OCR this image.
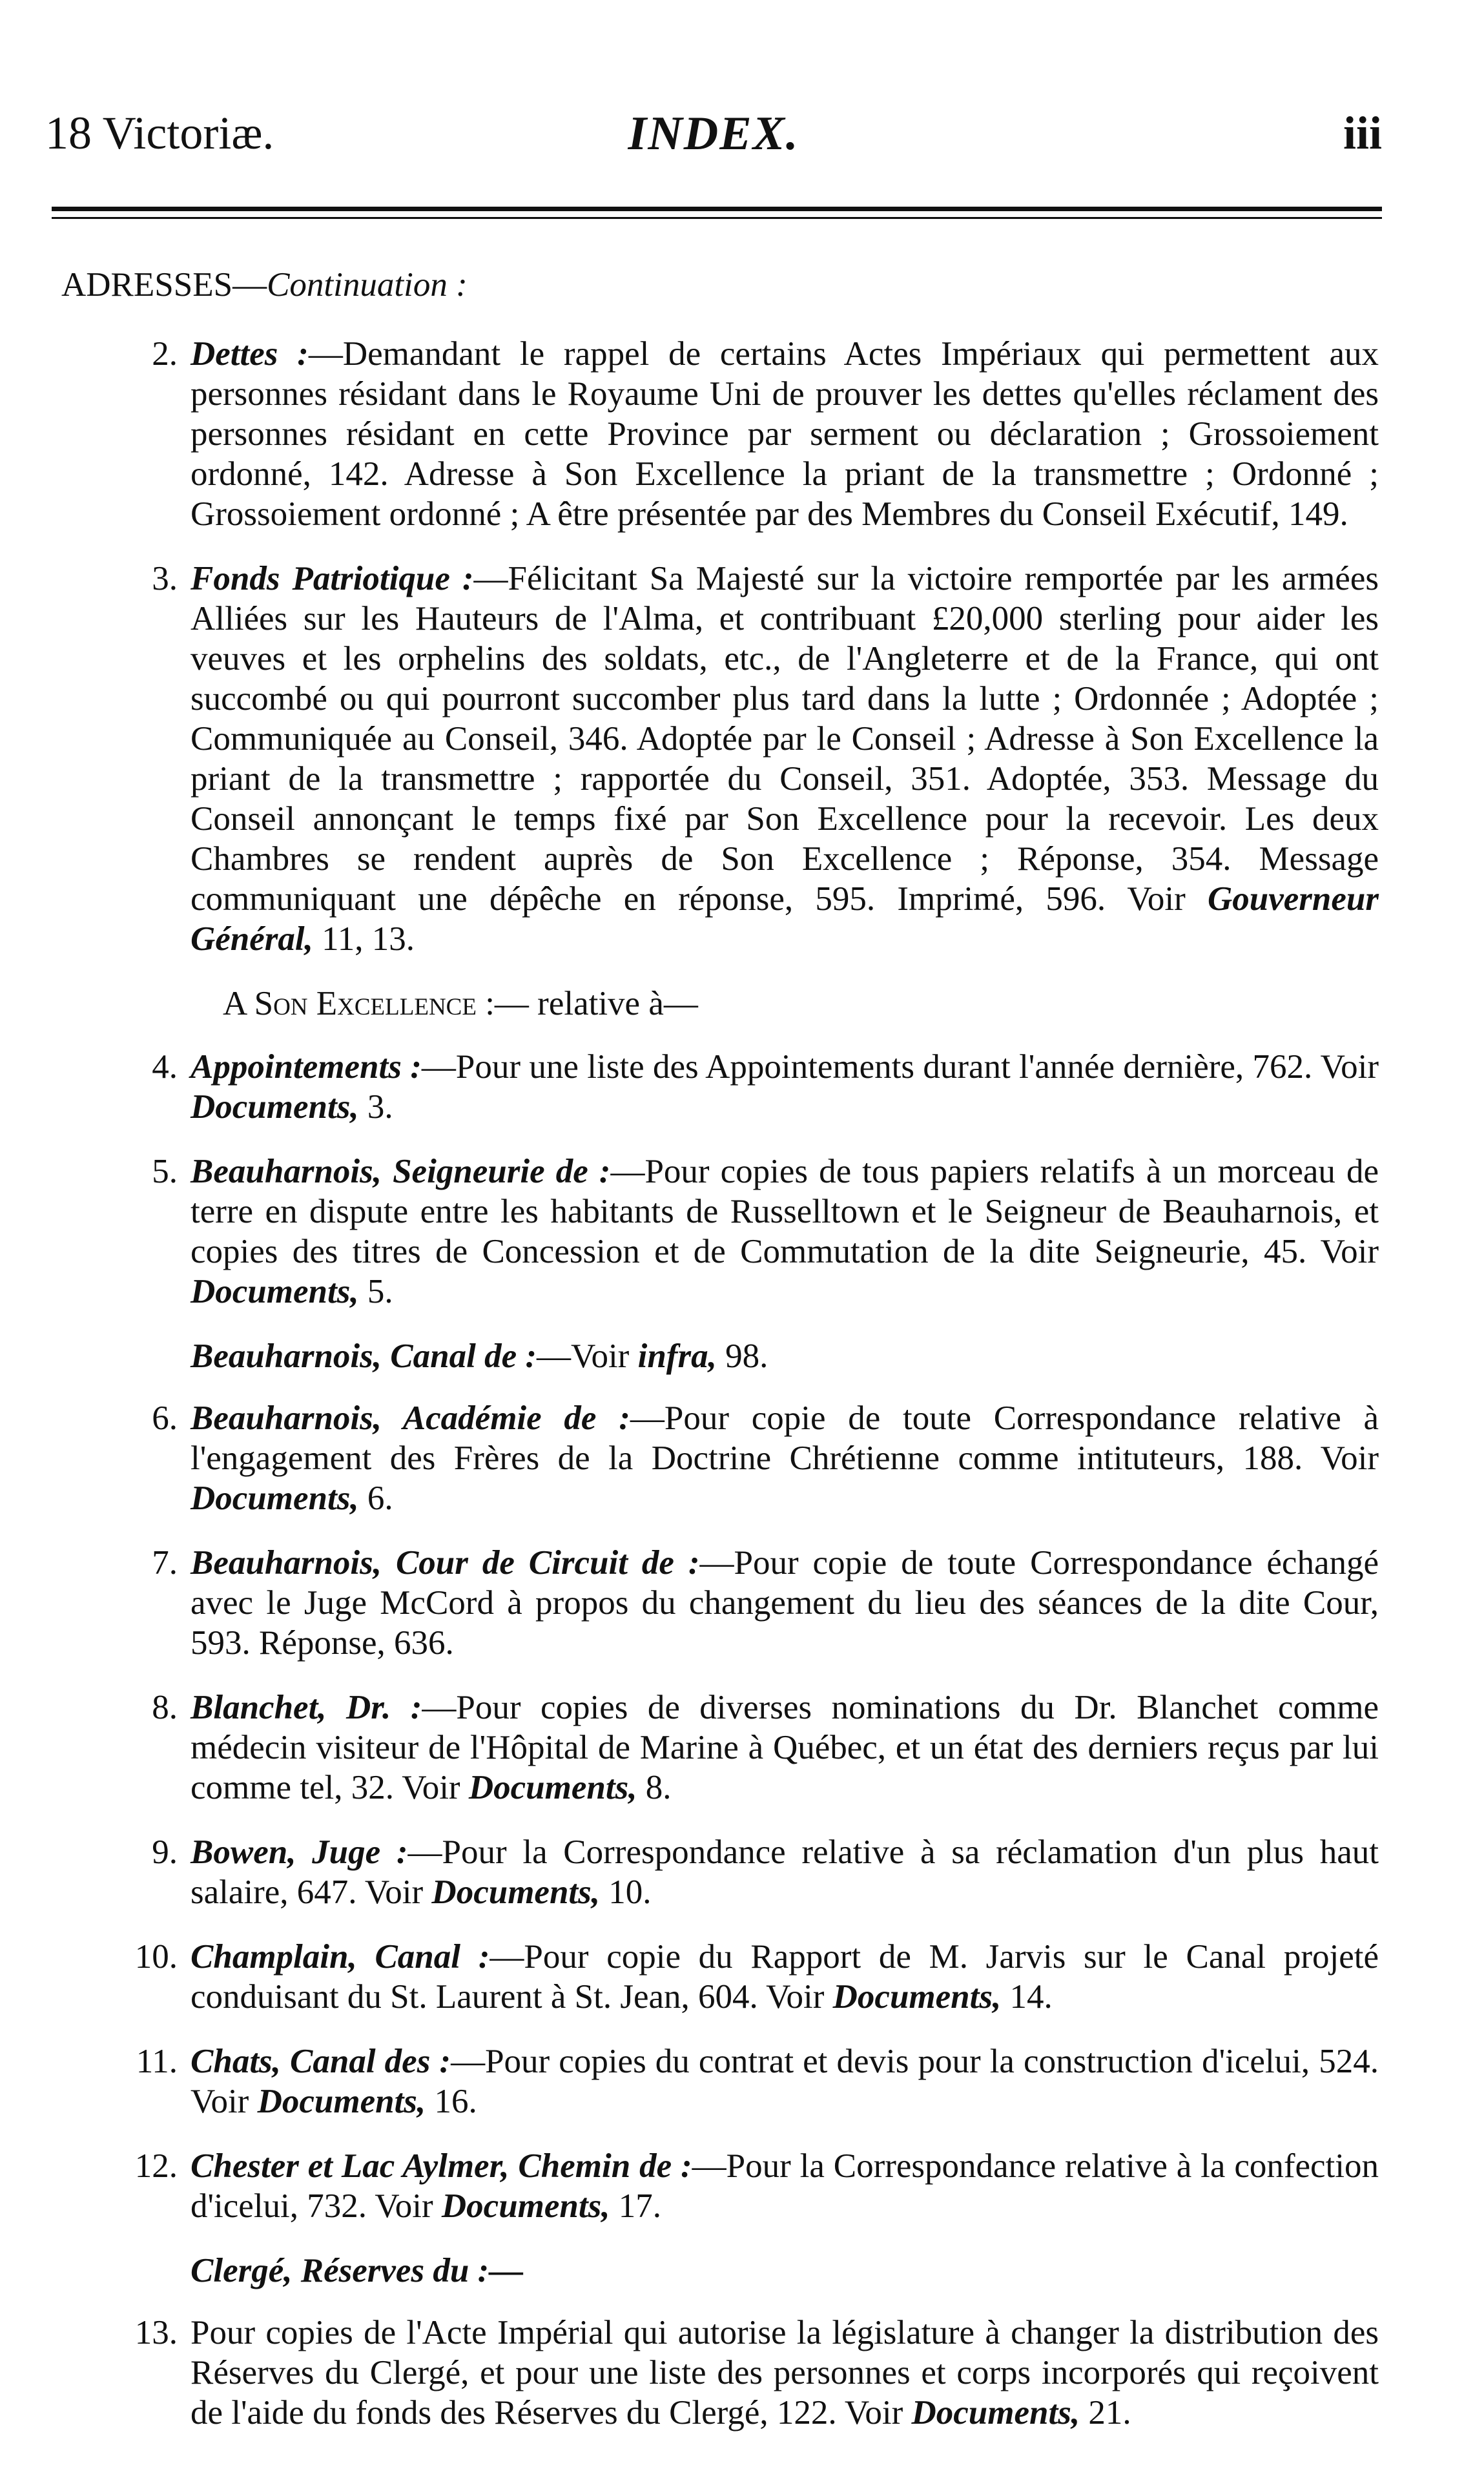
18 Victoriæ.	INDEX.	iii

ADRESSES—Continuation :

2. Dettes :—Demandant le rappel de certains Actes Impériaux qui permettent aux personnes résidant dans le Royaume Uni de prouver les dettes qu'elles réclament des personnes résidant en cette Province par serment ou déclaration ; Grossoiement ordonné, 142. Adresse à Son Excellence la priant de la transmettre ; Ordonné ; Grossoiement ordonné ; A être présentée par des Membres du Conseil Exécutif, 149.
3. Fonds Patriotique :—Félicitant Sa Majesté sur la victoire remportée par les armées Alliées sur les Hauteurs de l'Alma, et contribuant £20,000 sterling pour aider les veuves et les orphelins des soldats, etc., de l'Angleterre et de la France, qui ont succombé ou qui pourront succomber plus tard dans la lutte ; Ordonnée ; Adoptée ; Communiquée au Conseil, 346. Adoptée par le Conseil ; Adresse à Son Excellence la priant de la transmettre ; rapportée du Conseil, 351. Adoptée, 353. Message du Conseil annonçant le temps fixé par Son Excellence pour la recevoir. Les deux Chambres se rendent auprès de Son Excellence ; Réponse, 354. Message communiquant une dépêche en réponse, 595. Imprimé, 596. Voir Gouverneur Général, 11, 13.

A Son Excellence :— relative à—

4. Appointements :—Pour une liste des Appointements durant l'année dernière, 762. Voir Documents, 3.
5. Beauharnois, Seigneurie de :—Pour copies de tous papiers relatifs à un morceau de terre en dispute entre les habitants de Russelltown et le Seigneur de Beauharnois, et copies des titres de Concession et de Commutation de la dite Seigneurie, 45. Voir Documents, 5.
Beauharnois, Canal de :—Voir infra, 98.
6. Beauharnois, Académie de :—Pour copie de toute Correspondance relative à l'engagement des Frères de la Doctrine Chrétienne comme intituteurs, 188. Voir Documents, 6.
7. Beauharnois, Cour de Circuit de :—Pour copie de toute Correspondance échangé avec le Juge McCord à propos du changement du lieu des séances de la dite Cour, 593. Réponse, 636.
8. Blanchet, Dr. :—Pour copies de diverses nominations du Dr. Blanchet comme médecin visiteur de l'Hôpital de Marine à Québec, et un état des derniers reçus par lui comme tel, 32. Voir Documents, 8.
9. Bowen, Juge :—Pour la Correspondance relative à sa réclamation d'un plus haut salaire, 647. Voir Documents, 10.
10. Champlain, Canal :—Pour copie du Rapport de M. Jarvis sur le Canal projeté conduisant du St. Laurent à St. Jean, 604. Voir Documents, 14.
11. Chats, Canal des :—Pour copies du contrat et devis pour la construction d'icelui, 524. Voir Documents, 16.
12. Chester et Lac Aylmer, Chemin de :—Pour la Correspondance relative à la confection d'icelui, 732. Voir Documents, 17.
Clergé, Réserves du :—
13. Pour copies de l'Acte Impérial qui autorise la législature à changer la distribution des Réserves du Clergé, et pour une liste des personnes et corps incorporés qui reçoivent de l'aide du fonds des Réserves du Clergé, 122. Voir Documents, 21.
